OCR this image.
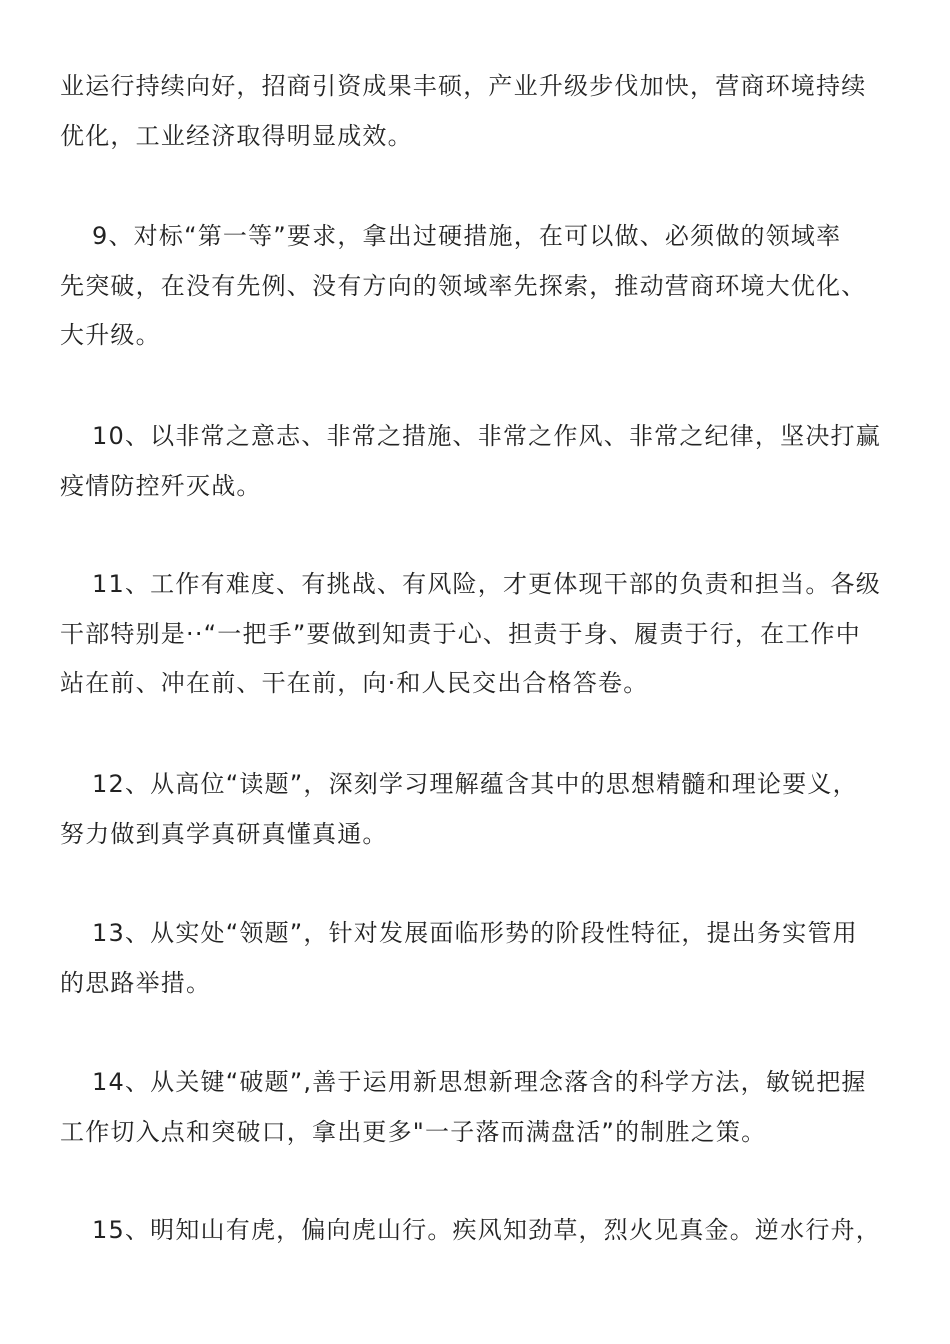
业运行持续向好，招商引资成果丰硕，产业升级步伐加快，营商环境持续
优化，工业经济取得明显成效。

9、对标“第一等”要求，拿出过硬措施，在可以做、必须做的领域率
先突破，在没有先例、没有方向的领域率先探索，推动营商环境大优化、
大升级。

10、以非常之意志、非常之措施、非常之作风、非常之纪律，坚决打赢
疫情防控歼灭战。

11、工作有难度、有挑战、有风险，才更体现干部的负责和担当。各级
干部特别是··“一把手”要做到知责于心、担责于身、履责于行，在工作中
站在前、冲在前、干在前，向·和人民交出合格答卷。

12、从高位“读题”，深刻学习理解蕴含其中的思想精髓和理论要义，
努力做到真学真研真懂真通。

13、从实处“领题”，针对发展面临形势的阶段性特征，提出务实管用
的思路举措。

14、从关键“破题”,善于运用新思想新理念落含的科学方法，敏锐把握
工作切入点和突破口，拿出更多"一子落而满盘活”的制胜之策。

15、明知山有虎，偏向虎山行。疾风知劲草，烈火见真金。逆水行舟，
